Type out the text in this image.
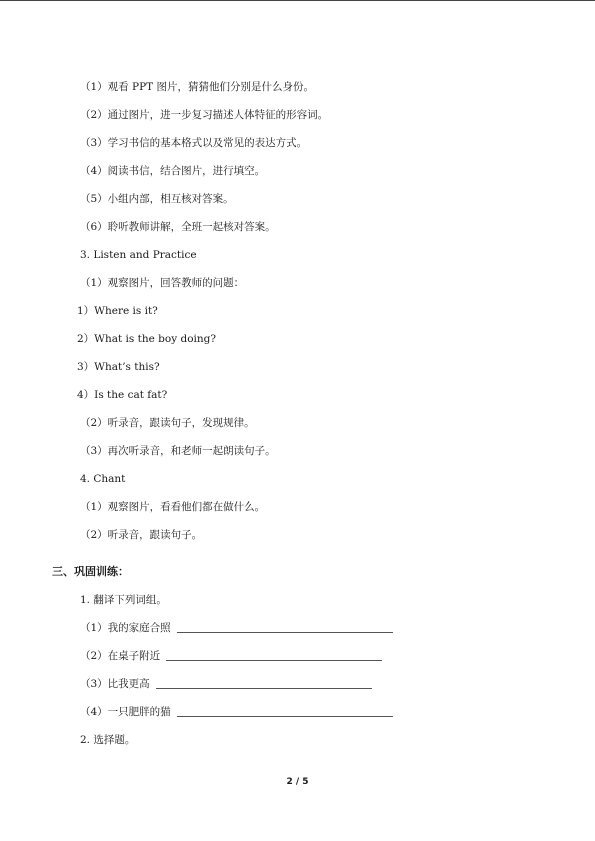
（1）观看 PPT 图片，猜猜他们分别是什么身份。
（2）通过图片，进一步复习描述人体特征的形容词。
（3）学习书信的基本格式以及常见的表达方式。
（4）阅读书信，结合图片，进行填空。
（5）小组内部，相互核对答案。
（6）聆听教师讲解，全班一起核对答案。
3. Listen and Practice
（1）观察图片，回答教师的问题：
1）Where is it?
2）What is the boy doing?
3）What’s this?
4）Is the cat fat?
（2）听录音，跟读句子，发现规律。
（3）再次听录音，和老师一起朗读句子。
4. Chant
（1）观察图片，看看他们都在做什么。
（2）听录音，跟读句子。
三、巩固训练：
1. 翻译下列词组。
（1）我的家庭合照
（2）在桌子附近
（3）比我更高
（4）一只肥胖的猫
2. 选择题。
2 / 5
